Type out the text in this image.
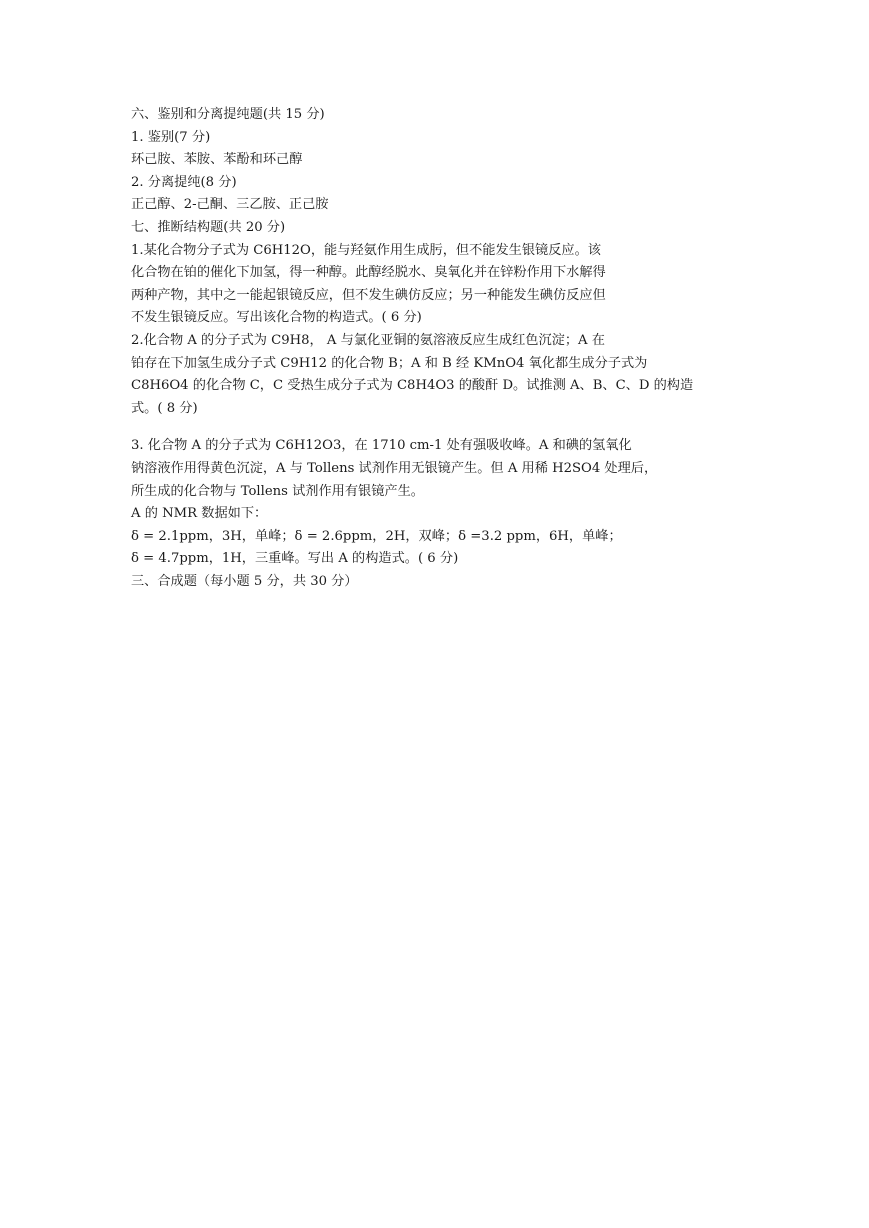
六、鉴别和分离提纯题(共 15 分)
1. 鉴别(7 分)
环己胺、苯胺、苯酚和环己醇
2. 分离提纯(8 分)
正己醇、2-己酮、三乙胺、正己胺
七、推断结构题(共 20 分)
1.某化合物分子式为 C6H12O，能与羟氨作用生成肟，但不能发生银镜反应。该
化合物在铂的催化下加氢，得一种醇。此醇经脱水、臭氧化并在锌粉作用下水解得
两种产物，其中之一能起银镜反应，但不发生碘仿反应；另一种能发生碘仿反应但
不发生银镜反应。写出该化合物的构造式。( 6 分)
2.化合物 A 的分子式为 C9H8， A 与氯化亚铜的氨溶液反应生成红色沉淀；A 在
铂存在下加氢生成分子式 C9H12 的化合物 B；A 和 B 经 KMnO4 氧化都生成分子式为
C8H6O4 的化合物 C，C 受热生成分子式为 C8H4O3 的酸酐 D。试推测 A、B、C、D 的构造
式。( 8 分)
3. 化合物 A 的分子式为 C6H12O3，在 1710 cm-1 处有强吸收峰。A 和碘的氢氧化
钠溶液作用得黄色沉淀，A 与 Tollens 试剂作用无银镜产生。但 A 用稀 H2SO4 处理后，
所生成的化合物与 Tollens 试剂作用有银镜产生。
A 的 NMR 数据如下：
δ = 2.1ppm，3H，单峰；δ = 2.6ppm，2H，双峰；δ =3.2 ppm，6H，单峰；
δ = 4.7ppm，1H，三重峰。写出 A 的构造式。( 6 分)
三、合成题（每小题 5 分，共 30 分）
